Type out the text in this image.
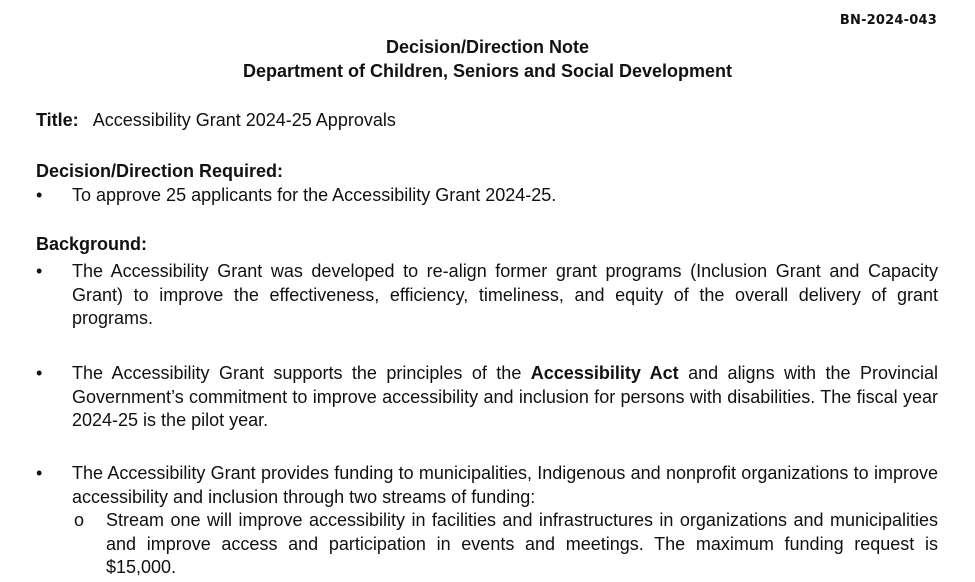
BN-2024-043
Decision/Direction Note
Department of Children, Seniors and Social Development
Title: Accessibility Grant 2024-25 Approvals
Decision/Direction Required:
•	To approve 25 applicants for the Accessibility Grant 2024-25.
Background:
•	The Accessibility Grant was developed to re-align former grant programs (Inclusion Grant and Capacity Grant) to improve the effectiveness, efficiency, timeliness, and equity of the overall delivery of grant programs.
•	The Accessibility Grant supports the principles of the Accessibility Act and aligns with the Provincial Government’s commitment to improve accessibility and inclusion for persons with disabilities. The fiscal year 2024-25 is the pilot year.
•	The Accessibility Grant provides funding to municipalities, Indigenous and nonprofit organizations to improve accessibility and inclusion through two streams of funding:
o Stream one will improve accessibility in facilities and infrastructures in organizations and municipalities and improve access and participation in events and meetings. The maximum funding request is $15,000.
